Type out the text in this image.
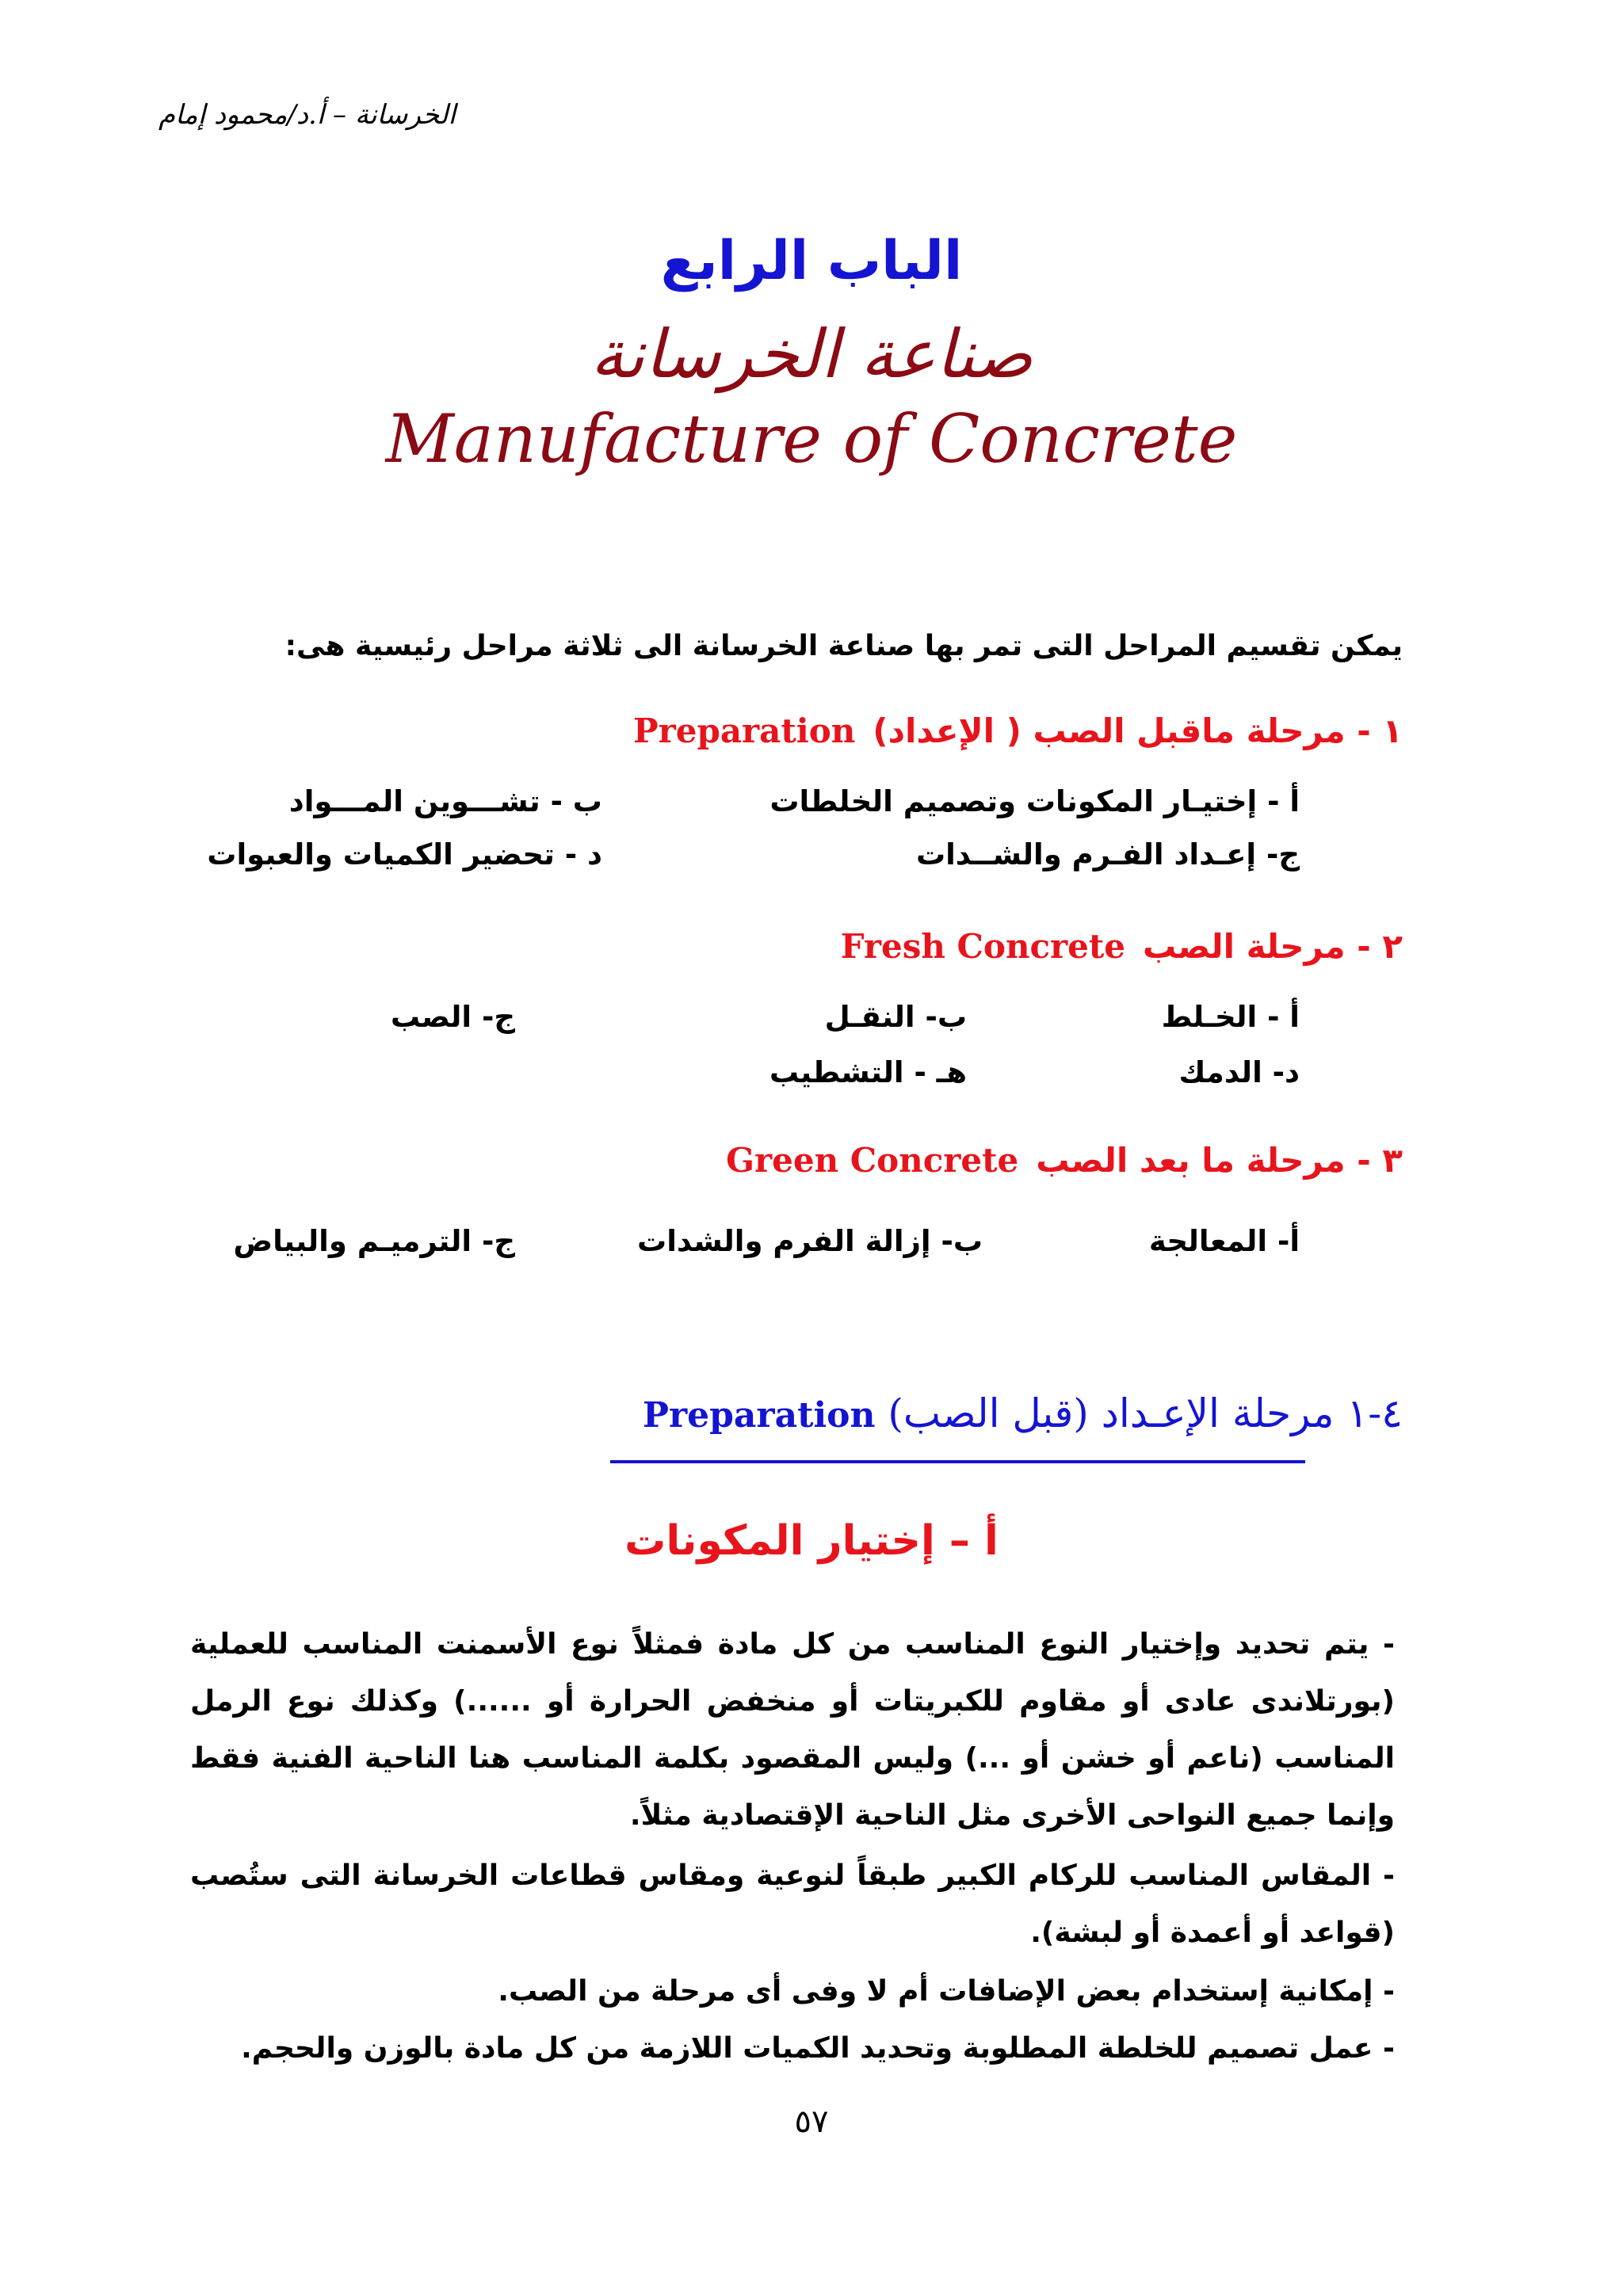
الخرسانة – أ.د/محمود إمام
الباب الرابع
صناعة الخرسانة
Manufacture of Concrete
يمكن تقسيم المراحل التى تمر بها صناعة الخرسانة الى ثلاثة مراحل رئيسية هى:
١ - مرحلة ماقبل الصب ( الإعداد)Preparation
أ - إختيـار المكونات وتصميم الخلطات
ب - تشـــوين المـــواد
ج- إعـداد الفـرم والشــدات
د - تحضير الكميات والعبوات
٢ - مرحلة الصبFresh Concrete
أ - الخـلط
ب- النقـل
ج- الصب
د- الدمك
هـ - التشطيب
٣ - مرحلة ما بعد الصبGreen Concrete
أ- المعالجة
ب- إزالة الفرم والشدات
ج- الترميـم والبياض
٤-١ مرحلة الإعـداد (قبل الصب) Preparation
أ – إختيار المكونات
- يتم تحديد وإختيار النوع المناسب من كل مادة فمثلاً نوع الأسمنت المناسب للعملية (بورتلاندى عادى أو مقاوم للكبريتات أو منخفض الحرارة أو ......) وكذلك نوع الرمل المناسب (ناعم أو خشن أو ...) وليس المقصود بكلمة المناسب هنا الناحية الفنية فقط وإنما جميع النواحى الأخرى مثل الناحية الإقتصادية مثلاً.
- المقاس المناسب للركام الكبير طبقاً لنوعية ومقاس قطاعات الخرسانة التى ستُصب (قواعد أو أعمدة أو لبشة).
- إمكانية إستخدام بعض الإضافات أم لا وفى أى مرحلة من الصب.
- عمل تصميم للخلطة المطلوبة وتحديد الكميات اللازمة من كل مادة بالوزن والحجم.
٥٧
